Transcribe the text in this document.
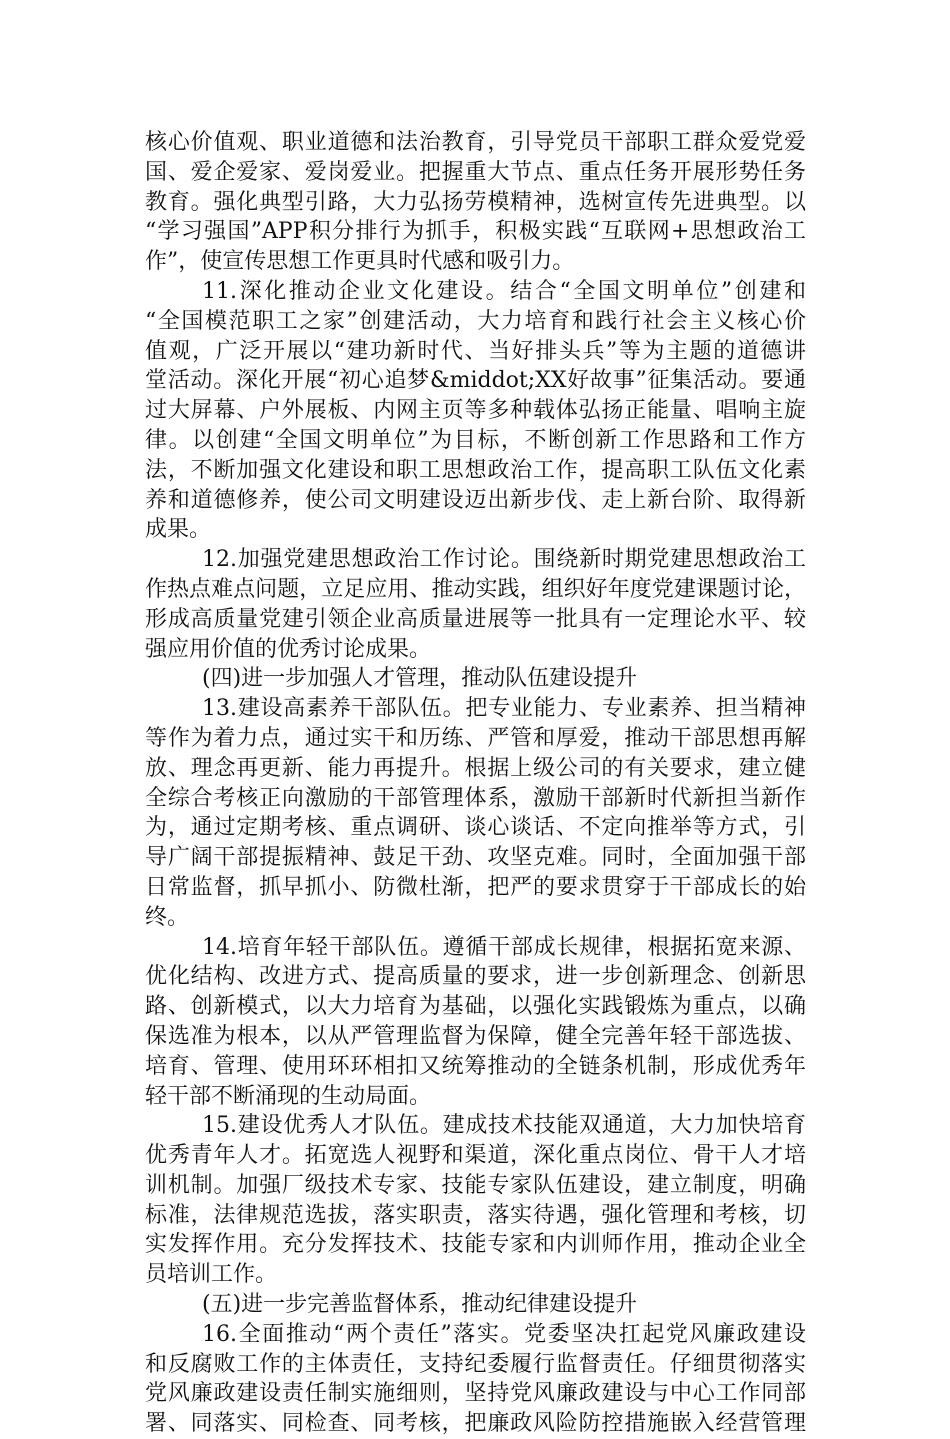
核心价值观、职业道德和法治教育，引导党员干部职工群众爱党爱
国、爱企爱家、爱岗爱业。把握重大节点、重点任务开展形势任务
教育。强化典型引路，大力弘扬劳模精神，选树宣传先进典型。以
“学习强国”APP积分排行为抓手，积极实践“互联网+思想政治工
作”，使宣传思想工作更具时代感和吸引力。
11.深化推动企业文化建设。结合“全国文明单位”创建和
“全国模范职工之家”创建活动，大力培育和践行社会主义核心价
值观，广泛开展以“建功新时代、当好排头兵”等为主题的道德讲
堂活动。深化开展“初心追梦&middot;XX好故事”征集活动。要通
过大屏幕、户外展板、内网主页等多种载体弘扬正能量、唱响主旋
律。以创建“全国文明单位”为目标，不断创新工作思路和工作方
法，不断加强文化建设和职工思想政治工作，提高职工队伍文化素
养和道德修养，使公司文明建设迈出新步伐、走上新台阶、取得新
成果。
12.加强党建思想政治工作讨论。围绕新时期党建思想政治工
作热点难点问题，立足应用、推动实践，组织好年度党建课题讨论，
形成高质量党建引领企业高质量进展等一批具有一定理论水平、较
强应用价值的优秀讨论成果。
(四)进一步加强人才管理，推动队伍建设提升
13.建设高素养干部队伍。把专业能力、专业素养、担当精神
等作为着力点，通过实干和历练、严管和厚爱，推动干部思想再解
放、理念再更新、能力再提升。根据上级公司的有关要求，建立健
全综合考核正向激励的干部管理体系，激励干部新时代新担当新作
为，通过定期考核、重点调研、谈心谈话、不定向推举等方式，引
导广阔干部提振精神、鼓足干劲、攻坚克难。同时，全面加强干部
日常监督，抓早抓小、防微杜渐，把严的要求贯穿于干部成长的始
终。
14.培育年轻干部队伍。遵循干部成长规律，根据拓宽来源、
优化结构、改进方式、提高质量的要求，进一步创新理念、创新思
路、创新模式，以大力培育为基础，以强化实践锻炼为重点，以确
保选准为根本，以从严管理监督为保障，健全完善年轻干部选拔、
培育、管理、使用环环相扣又统筹推动的全链条机制，形成优秀年
轻干部不断涌现的生动局面。
15.建设优秀人才队伍。建成技术技能双通道，大力加快培育
优秀青年人才。拓宽选人视野和渠道，深化重点岗位、骨干人才培
训机制。加强厂级技术专家、技能专家队伍建设，建立制度，明确
标准，法律规范选拔，落实职责，落实待遇，强化管理和考核，切
实发挥作用。充分发挥技术、技能专家和内训师作用，推动企业全
员培训工作。
(五)进一步完善监督体系，推动纪律建设提升
16.全面推动“两个责任”落实。党委坚决扛起党风廉政建设
和反腐败工作的主体责任，支持纪委履行监督责任。仔细贯彻落实
党风廉政建设责任制实施细则，坚持党风廉政建设与中心工作同部
署、同落实、同检查、同考核，把廉政风险防控措施嵌入经营管理
